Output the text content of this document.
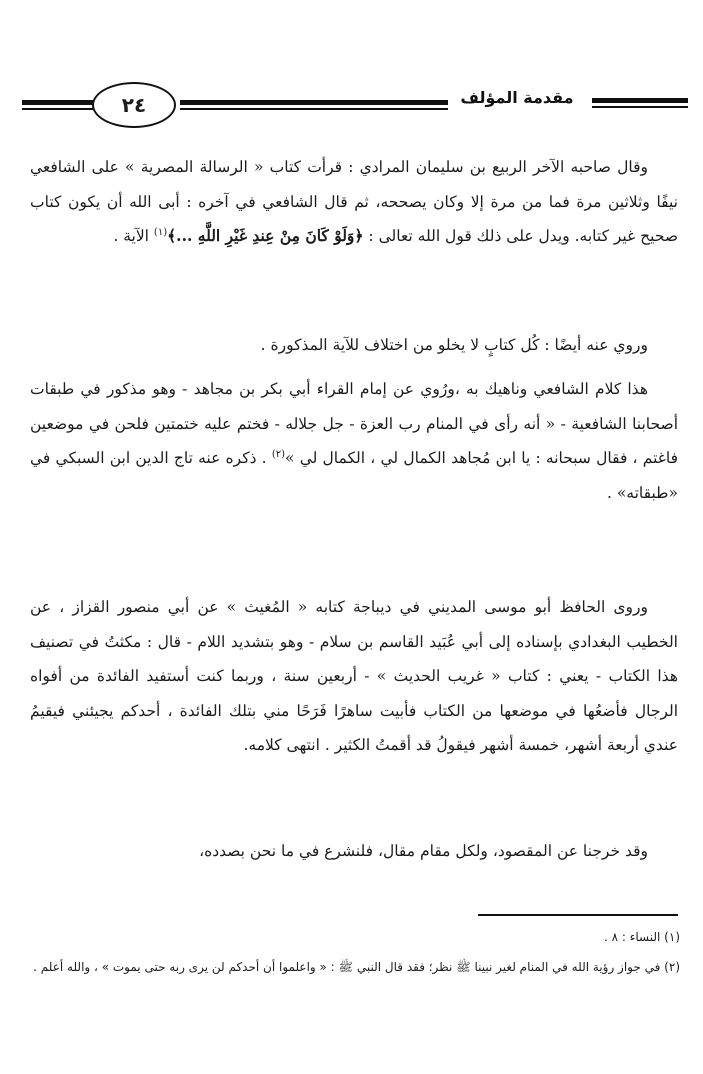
مقدمة المؤلف
٢٤

وقال صاحبه الآخر الربيع بن سليمان المرادي : قرأت كتاب « الرسالة المصرية » على الشافعي نيفًا وثلاثين مرة فما من مرة إلا وكان يصححه، ثم قال الشافعي في آخره : أبى الله أن يكون كتاب صحيح غير كتابه. ويدل على ذلك قول الله تعالى : ﴿وَلَوْ كَانَ مِنْ عِندِ غَيْرِ اللَّهِ ...﴾$^{(١)}$ الآية .

وروي عنه أيضًا : كُل كتابٍ لا يخلو من اختلاف للآية المذكورة .

هذا كلام الشافعي وناهيك به ،ورُوي عن إمام القراء أبي بكر بن مجاهد - وهو مذكور في طبقات أصحابنا الشافعية - « أنه رأى في المنام رب العزة - جل جلاله - فختم عليه ختمتين فلحن في موضعين فاغتم ، فقال سبحانه : يا ابن مُجاهد الكمال لي ، الكمال لي »$^{(٢)}$ . ذكره عنه تاج الدين ابن السبكي في «طبقاته» .

وروى الحافظ أبو موسى المديني في ديباجة كتابه « المُغيث » عن أبي منصور القزاز ، عن الخطيب البغدادي بإسناده إلى أبي عُبَيد القاسم بن سلام - وهو بتشديد اللام - قال : مكثتُ في تصنيف هذا الكتاب - يعني : كتاب « غريب الحديث » - أربعين سنة ، وربما كنت أستفيد الفائدة من أفواه الرجال فأضعُها في موضعها من الكتاب فأبيت ساهرًا فَرَحًا مني بتلك الفائدة ، أحدكم يجيئني فيقيمُ عندي أربعة أشهر، خمسة أشهر فيقولُ قد أقمتُ الكثير . انتهى كلامه.

وقد خرجنا عن المقصود، ولكل مقام مقال، فلنشرع في ما نحن بصدده،

(١) النساء : ٨ .

(٢) في جواز رؤية الله في المنام لغير نبينا ﷺ نظر؛ فقد قال النبي ﷺ : « واعلموا أن أحدكم لن يرى ربه حتى يموت » ، والله أعلم .
